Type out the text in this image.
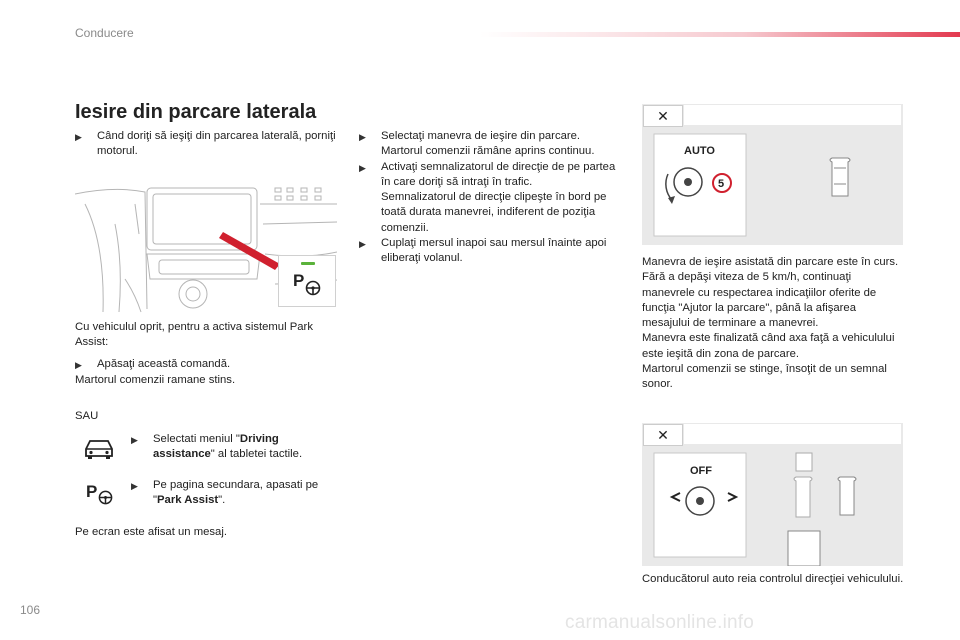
Conducere
Iesire din parcare laterala
▶	Când doriţi să ieşiţi din parcarea laterală, porniţi motorul.
P
Cu vehiculul oprit, pentru a activa sistemul Park Assist:
▶	Apăsaţi această comandă.
Martorul comenzii ramane stins.
SAU
▶	Selectati meniul "Driving assistance" al tabletei tactile.
P	▶	Pe pagina secundara, apasati pe "Park Assist".
Pe ecran este afisat un mesaj.
▶	Selectaţi manevra de ieşire din parcare.
Martorul comenzii rămâne aprins continuu.
▶	Activaţi semnalizatorul de direcţie de pe partea în care doriţi să intraţi în trafic.
Semnalizatorul de direcţie clipeşte în bord pe toată durata manevrei, indiferent de poziţia comenzii.
▶	Cuplaţi mersul inapoi sau mersul înainte apoi eliberaţi volanul.
✕
AUTO
5
Manevra de ieşire asistată din parcare este în curs.
Fără a depăşi viteza de 5 km/h, continuaţi manevrele cu respectarea indicaţiilor oferite de funcţia "Ajutor la parcare", până la afişarea mesajului de terminare a manevrei.
Manevra este finalizată când axa faţă a vehiculului este ieşită din zona de parcare.
Martorul comenzii se stinge, însoţit de un semnal sonor.
✕
OFF
Conducătorul auto reia controlul direcţiei vehiculului.
106
carmanualsonline.info
